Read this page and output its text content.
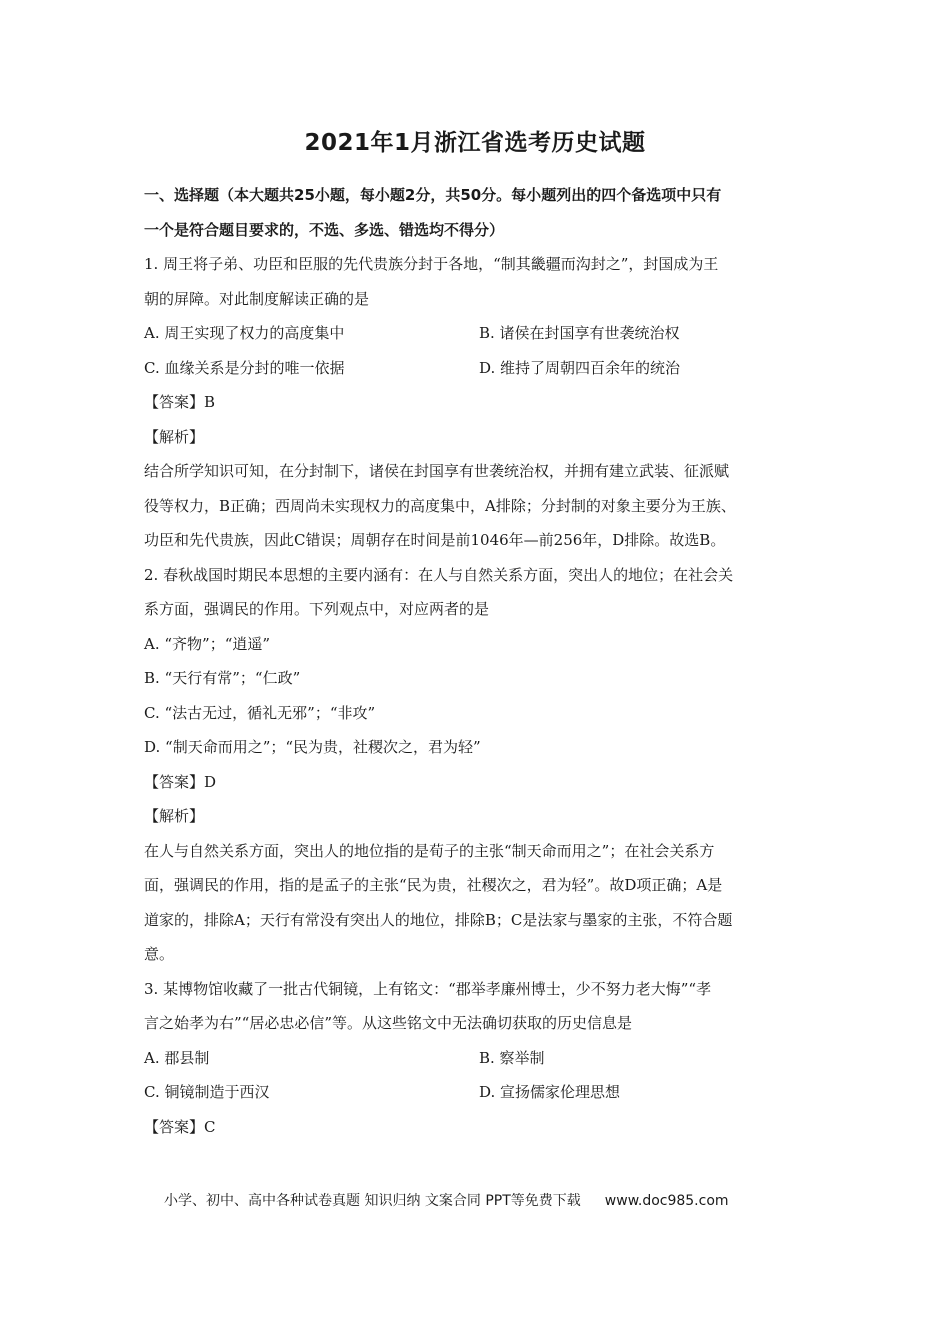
2021年1月浙江省选考历史试题
一、选择题（本大题共25小题，每小题2分，共50分。每小题列出的四个备选项中只有
一个是符合题目要求的，不选、多选、错选均不得分）
1. 周王将子弟、功臣和臣服的先代贵族分封于各地，“制其畿疆而沟封之”，封国成为王
朝的屏障。对此制度解读正确的是
A. 周王实现了权力的高度集中	B. 诸侯在封国享有世袭统治权
C. 血缘关系是分封的唯一依据	D. 维持了周朝四百余年的统治
【答案】B
【解析】
结合所学知识可知，在分封制下，诸侯在封国享有世袭统治权，并拥有建立武装、征派赋
役等权力，B正确；西周尚未实现权力的高度集中，A排除；分封制的对象主要分为王族、
功臣和先代贵族，因此C错误；周朝存在时间是前1046年—前256年，D排除。故选B。
2. 春秋战国时期民本思想的主要内涵有：在人与自然关系方面，突出人的地位；在社会关
系方面，强调民的作用。下列观点中，对应两者的是
A. “齐物”；“逍遥”
B. “天行有常”；“仁政”
C. “法古无过，循礼无邪”；“非攻”
D. “制天命而用之”；“民为贵，社稷次之，君为轻”
【答案】D
【解析】
在人与自然关系方面，突出人的地位指的是荀子的主张“制天命而用之”；在社会关系方
面，强调民的作用，指的是孟子的主张“民为贵，社稷次之，君为轻”。故D项正确；A是
道家的，排除A；天行有常没有突出人的地位，排除B；C是法家与墨家的主张，不符合题
意。
3. 某博物馆收藏了一批古代铜镜，上有铭文：“郡举孝廉州博士，少不努力老大悔”“孝
言之始孝为右”“居必忠必信”等。从这些铭文中无法确切获取的历史信息是
A. 郡县制	B. 察举制
C. 铜镜制造于西汉	D. 宣扬儒家伦理思想
【答案】C
小学、初中、高中各种试卷真题 知识归纳 文案合同 PPT等免费下载 www.doc985.com
